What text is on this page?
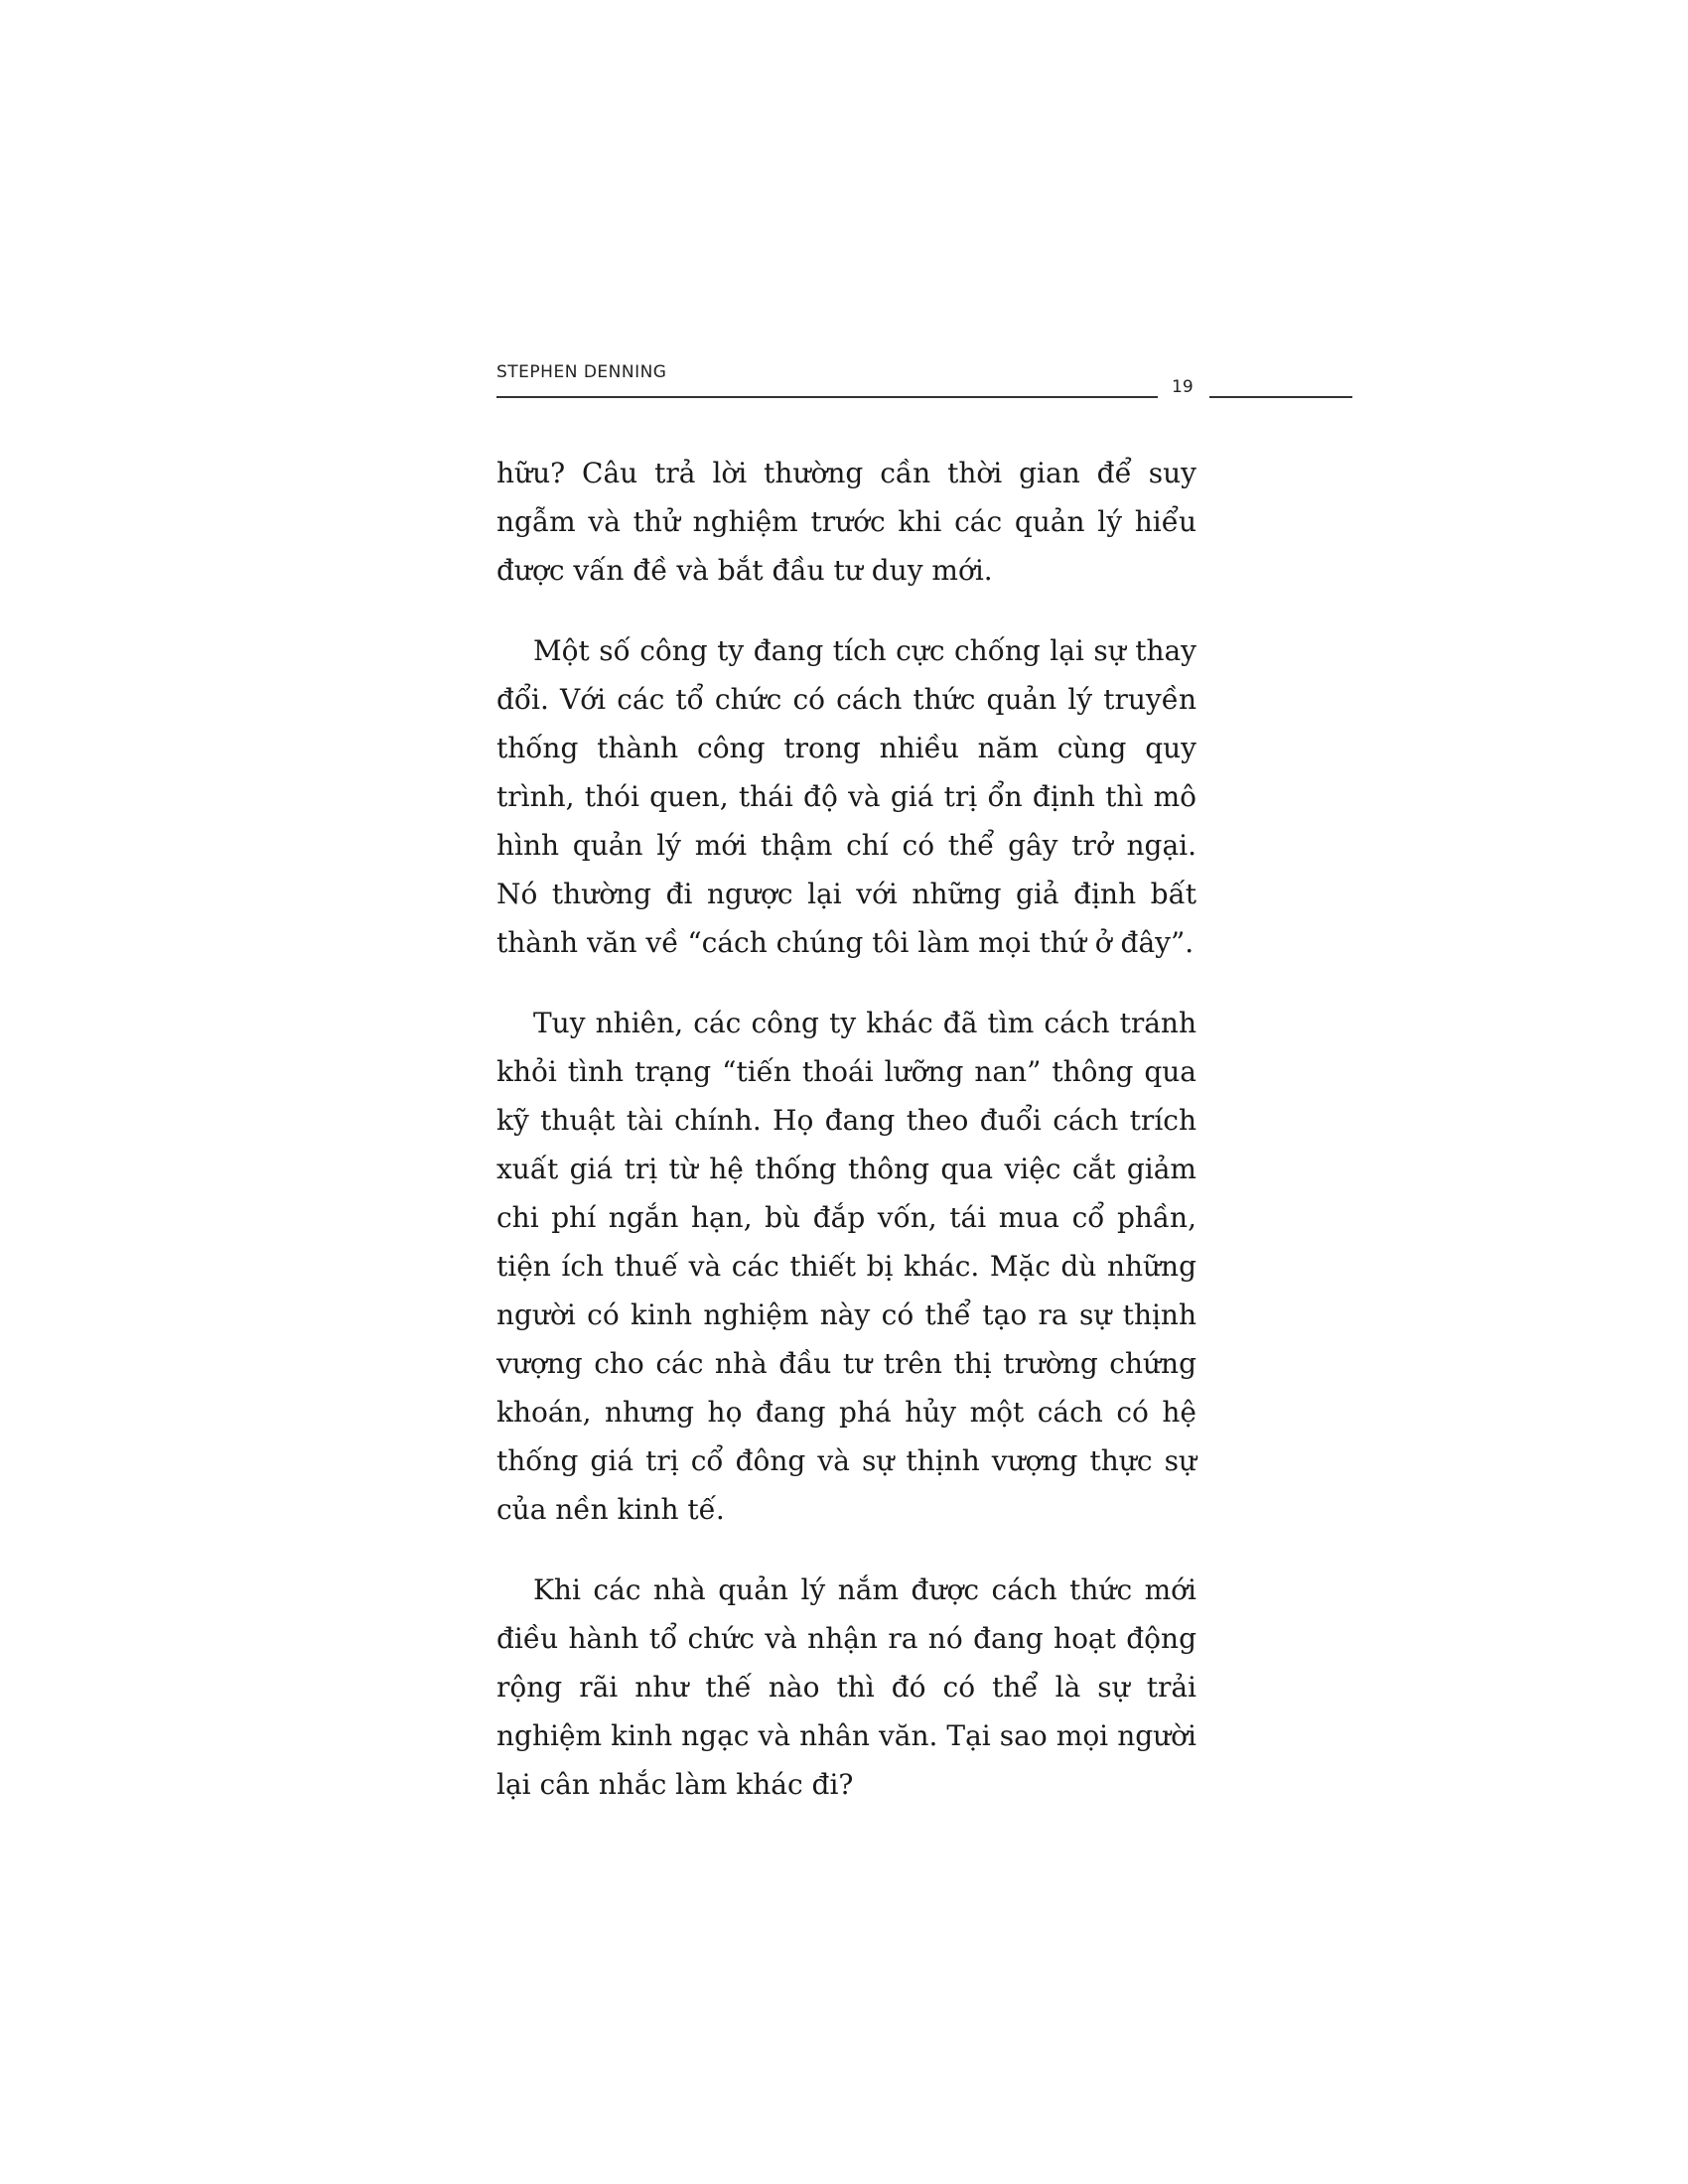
STEPHEN DENNING
19

hữu? Câu trả lời thường cần thời gian để suy ngẫm và thử nghiệm trước khi các quản lý hiểu được vấn đề và bắt đầu tư duy mới.

Một số công ty đang tích cực chống lại sự thay đổi. Với các tổ chức có cách thức quản lý truyền thống thành công trong nhiều năm cùng quy trình, thói quen, thái độ và giá trị ổn định thì mô hình quản lý mới thậm chí có thể gây trở ngại. Nó thường đi ngược lại với những giả định bất thành văn về “cách chúng tôi làm mọi thứ ở đây”.

Tuy nhiên, các công ty khác đã tìm cách tránh khỏi tình trạng “tiến thoái lưỡng nan” thông qua kỹ thuật tài chính. Họ đang theo đuổi cách trích xuất giá trị từ hệ thống thông qua việc cắt giảm chi phí ngắn hạn, bù đắp vốn, tái mua cổ phần, tiện ích thuế và các thiết bị khác. Mặc dù những người có kinh nghiệm này có thể tạo ra sự thịnh vượng cho các nhà đầu tư trên thị trường chứng khoán, nhưng họ đang phá hủy một cách có hệ thống giá trị cổ đông và sự thịnh vượng thực sự của nền kinh tế.

Khi các nhà quản lý nắm được cách thức mới điều hành tổ chức và nhận ra nó đang hoạt động rộng rãi như thế nào thì đó có thể là sự trải nghiệm kinh ngạc và nhân văn. Tại sao mọi người lại cân nhắc làm khác đi?
